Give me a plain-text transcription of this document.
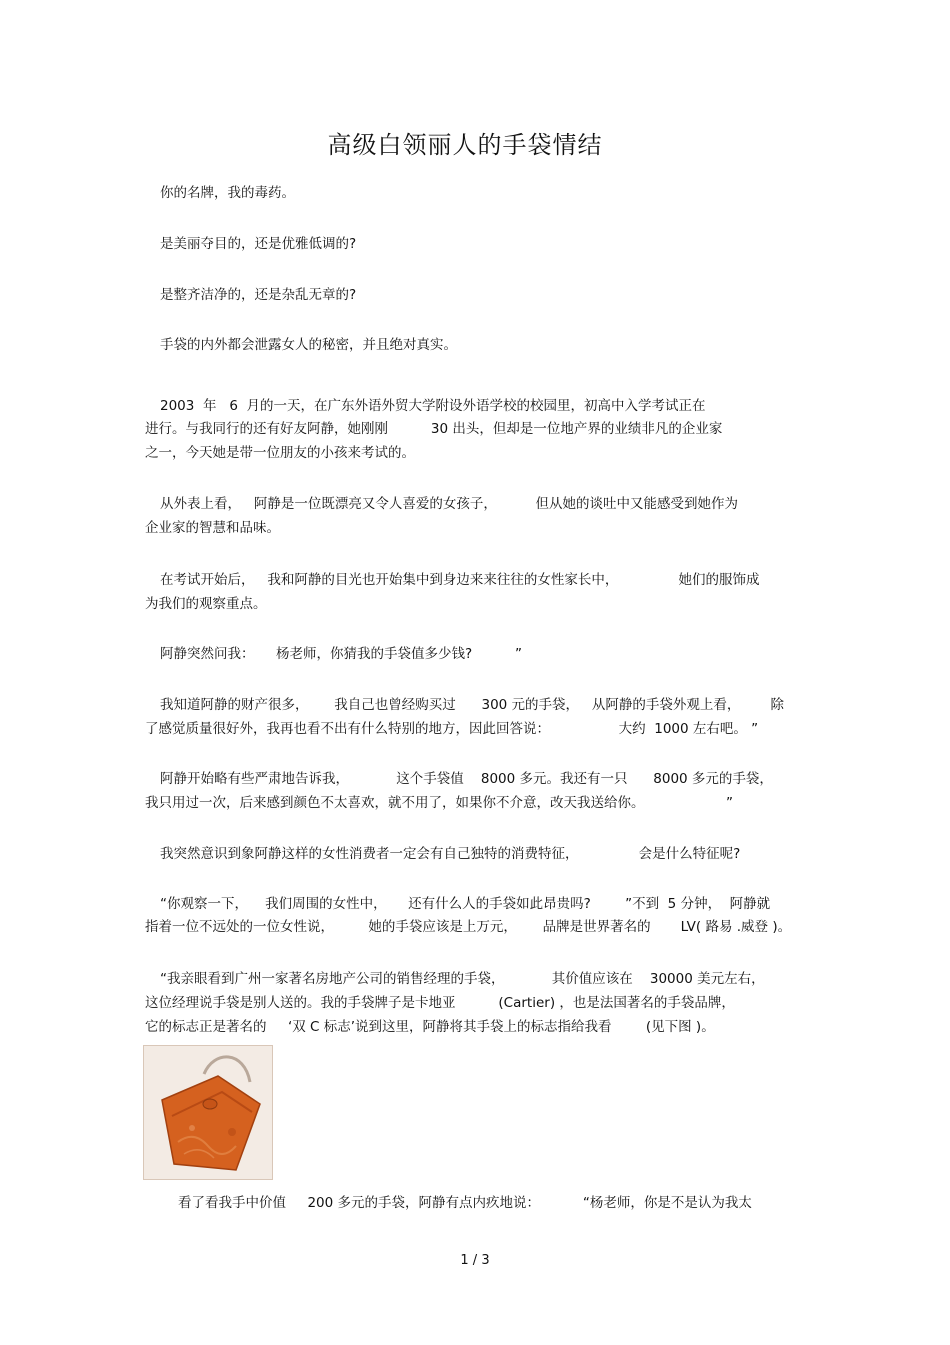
高级白领丽人的手袋情结
你的名牌，我的毒药。
是美丽夺目的，还是优雅低调的?
是整齐洁净的，还是杂乱无章的?
手袋的内外都会泄露女人的秘密，并且绝对真实。
2003  年   6  月的一天，在广东外语外贸大学附设外语学校的校园里，初高中入学考试正在
进行。与我同行的还有好友阿静，她刚刚          30 出头，但却是一位地产界的业绩非凡的企业家
之一，今天她是带一位朋友的小孩来考试的。
从外表上看，   阿静是一位既漂亮又令人喜爱的女孩子，         但从她的谈吐中又能感受到她作为
企业家的智慧和品味。
在考试开始后，   我和阿静的目光也开始集中到身边来来往往的女性家长中，              她们的服饰成
为我们的观察重点。
阿静突然问我：     杨老师，你猜我的手袋值多少钱?          ”
我知道阿静的财产很多，      我自己也曾经购买过      300 元的手袋，   从阿静的手袋外观上看，       除
了感觉质量很好外，我再也看不出有什么特别的地方，因此回答说：                大约  1000 左右吧。 ”
阿静开始略有些严肃地告诉我，           这个手袋值    8000 多元。我还有一只      8000 多元的手袋，
我只用过一次，后来感到颜色不太喜欢，就不用了，如果你不介意，改天我送给你。                   ”
我突然意识到象阿静这样的女性消费者一定会有自己独特的消费特征，              会是什么特征呢?
“你观察一下，    我们周围的女性中，     还有什么人的手袋如此昂贵吗?        ”不到  5 分钟，  阿静就
指着一位不远处的一位女性说，        她的手袋应该是上万元，      品牌是世界著名的       LV( 路易 .威登 )。
“我亲眼看到广州一家著名房地产公司的销售经理的手袋，           其价值应该在    30000 美元左右，
这位经理说手袋是别人送的。我的手袋牌子是卡地亚          (Cartier) ，也是法国著名的手袋品牌，
它的标志正是著名的     ‘双 C 标志’说到这里，阿静将其手袋上的标志指给我看        (见下图 )。
看了看我手中价值     200 多元的手袋，阿静有点内疚地说：          “杨老师，你是不是认为我太
1 / 3
